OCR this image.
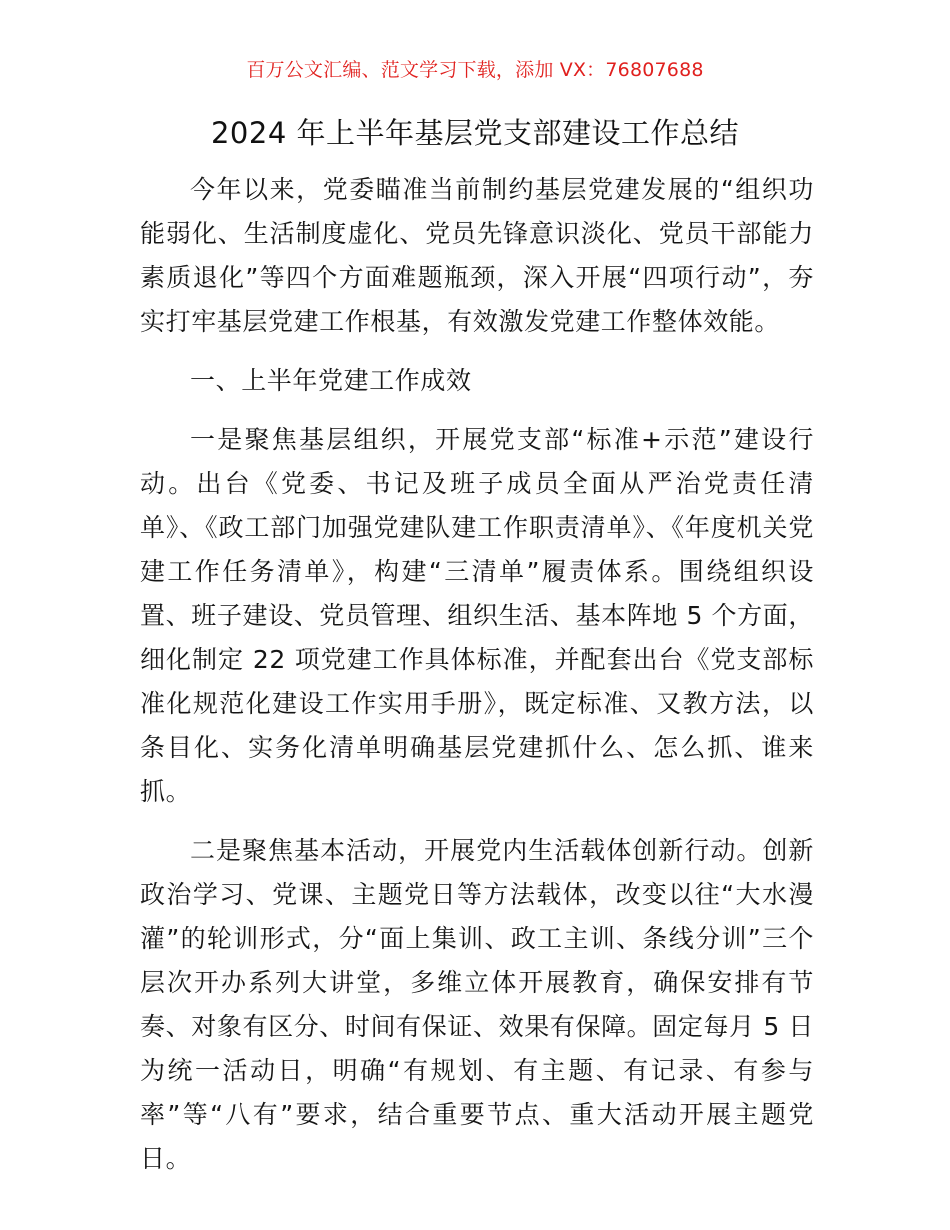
百万公文汇编、范文学习下载，添加 VX：76807688
2024 年上半年基层党支部建设工作总结

今年以来，党委瞄准当前制约基层党建发展的“组织功能弱化、生活制度虚化、党员先锋意识淡化、党员干部能力素质退化”等四个方面难题瓶颈，深入开展“四项行动”，夯实打牢基层党建工作根基，有效激发党建工作整体效能。

一、上半年党建工作成效

一是聚焦基层组织，开展党支部“标准+示范”建设行动。出台《党委、书记及班子成员全面从严治党责任清单》、《政工部门加强党建队建工作职责清单》、《年度机关党建工作任务清单》，构建“三清单”履责体系。围绕组织设置、班子建设、党员管理、组织生活、基本阵地 5 个方面，细化制定 22 项党建工作具体标准，并配套出台《党支部标准化规范化建设工作实用手册》，既定标准、又教方法，以条目化、实务化清单明确基层党建抓什么、怎么抓、谁来抓。

二是聚焦基本活动，开展党内生活载体创新行动。创新政治学习、党课、主题党日等方法载体，改变以往“大水漫灌”的轮训形式，分“面上集训、政工主训、条线分训”三个层次开办系列大讲堂，多维立体开展教育，确保安排有节奏、对象有区分、时间有保证、效果有保障。固定每月 5 日为统一活动日，明确“有规划、有主题、有记录、有参与率”等“八有”要求，结合重要节点、重大活动开展主题党日。
